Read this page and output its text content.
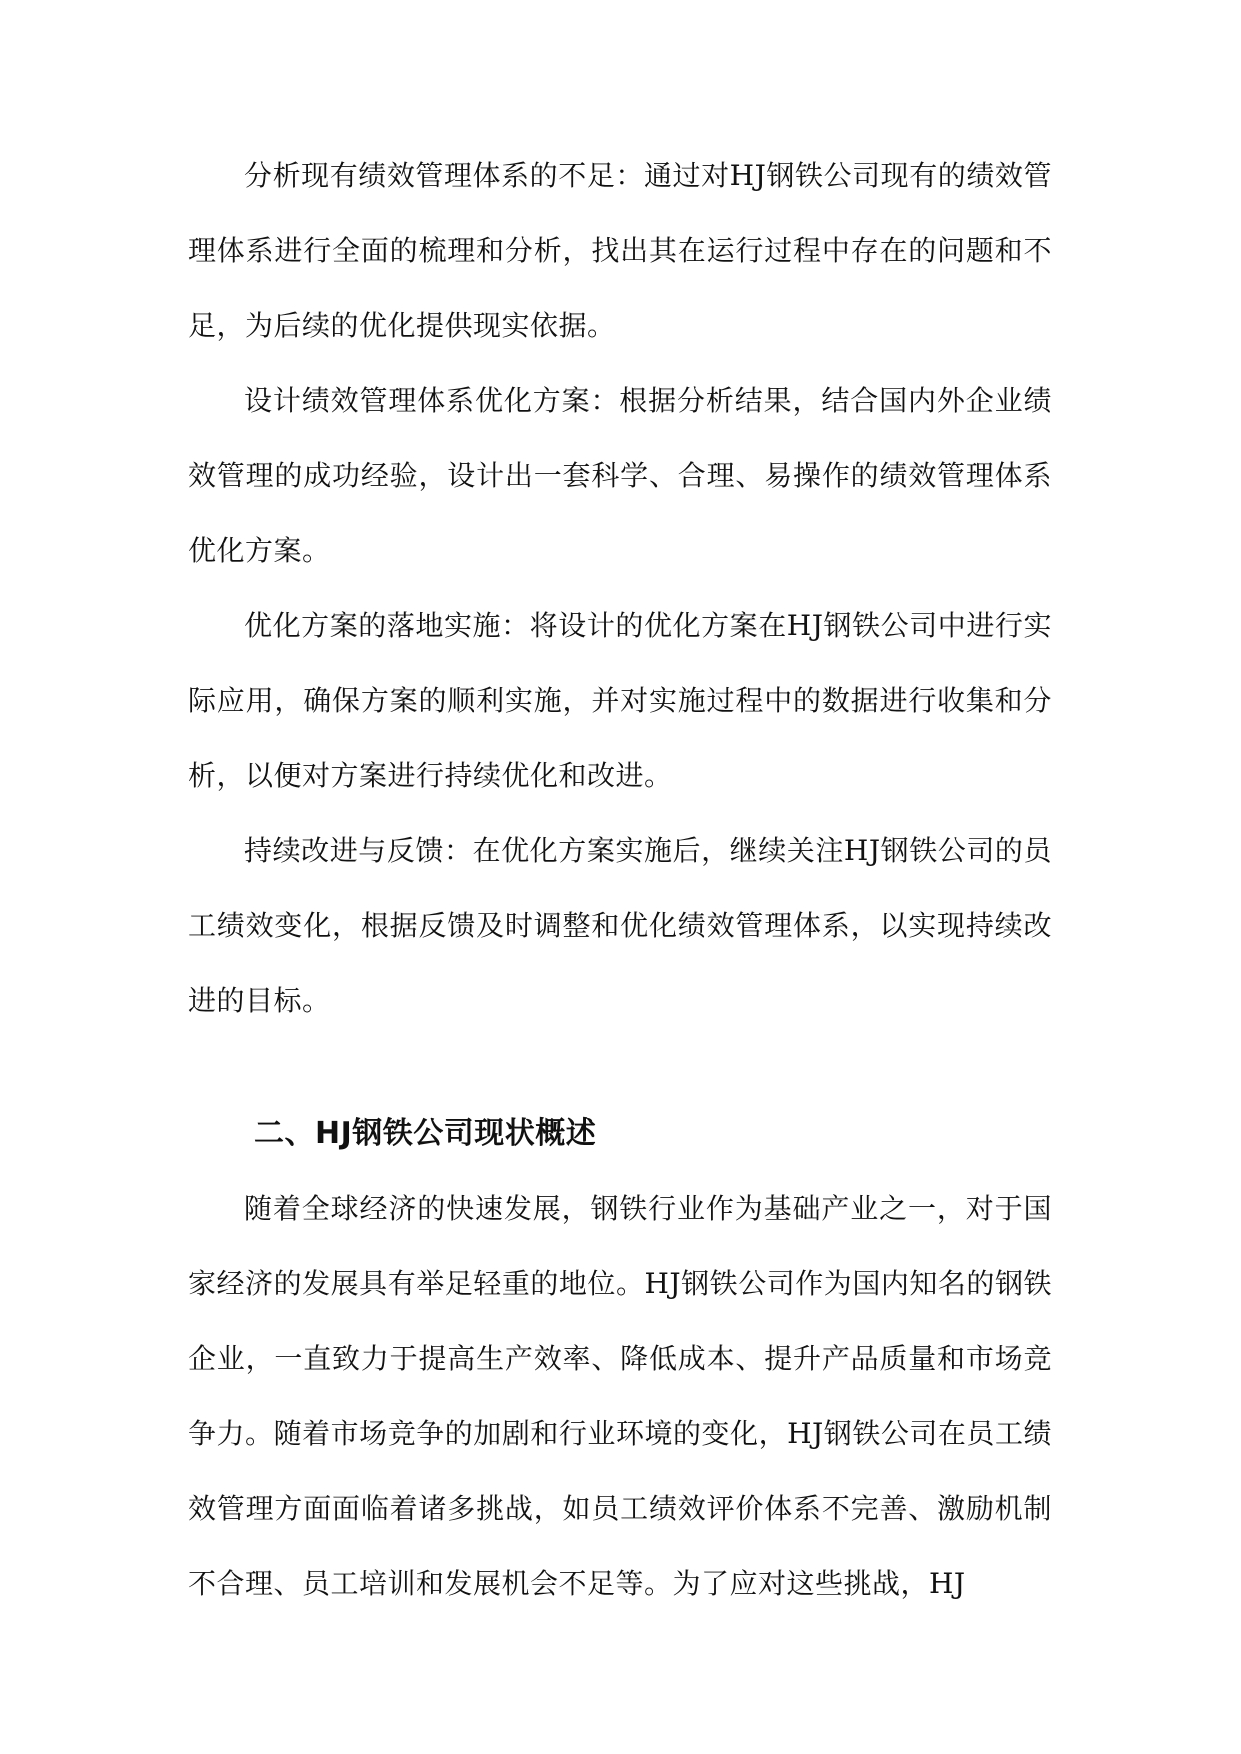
分析现有绩效管理体系的不足：通过对HJ钢铁公司现有的绩效管理体系进行全面的梳理和分析，找出其在运行过程中存在的问题和不足，为后续的优化提供现实依据。

设计绩效管理体系优化方案：根据分析结果，结合国内外企业绩效管理的成功经验，设计出一套科学、合理、易操作的绩效管理体系优化方案。

优化方案的落地实施：将设计的优化方案在HJ钢铁公司中进行实际应用，确保方案的顺利实施，并对实施过程中的数据进行收集和分析，以便对方案进行持续优化和改进。

持续改进与反馈：在优化方案实施后，继续关注HJ钢铁公司的员工绩效变化，根据反馈及时调整和优化绩效管理体系，以实现持续改进的目标。

二、HJ钢铁公司现状概述

随着全球经济的快速发展，钢铁行业作为基础产业之一，对于国家经济的发展具有举足轻重的地位。HJ钢铁公司作为国内知名的钢铁企业，一直致力于提高生产效率、降低成本、提升产品质量和市场竞争力。随着市场竞争的加剧和行业环境的变化，HJ钢铁公司在员工绩效管理方面面临着诸多挑战，如员工绩效评价体系不完善、激励机制不合理、员工培训和发展机会不足等。为了应对这些挑战，HJ
